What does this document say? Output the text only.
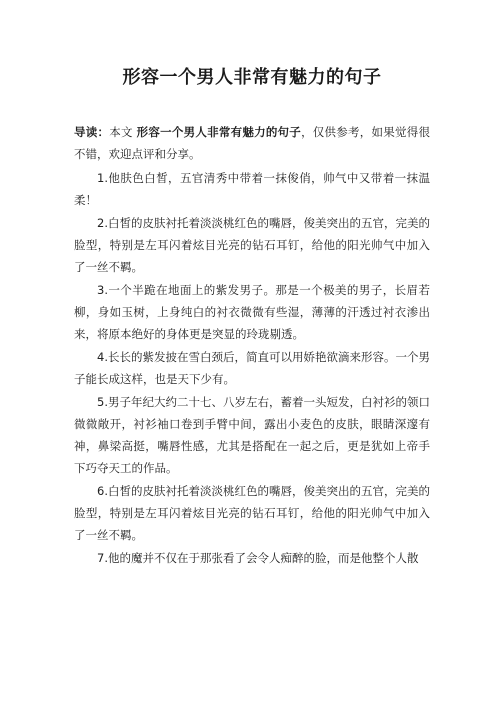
形容一个男人非常有魅力的句子

导读：本文 形容一个男人非常有魅力的句子，仅供参考，如果觉得很不错，欢迎点评和分享。

1.他肤色白皙，五官清秀中带着一抹俊俏，帅气中又带着一抹温柔！

2.白皙的皮肤衬托着淡淡桃红色的嘴唇，俊美突出的五官，完美的脸型，特别是左耳闪着炫目光亮的钻石耳钉，给他的阳光帅气中加入了一丝不羁。

3.一个半跪在地面上的紫发男子。那是一个极美的男子，长眉若柳，身如玉树，上身纯白的衬衣微微有些湿，薄薄的汗透过衬衣渗出来，将原本绝好的身体更是突显的玲珑剔透。

4.长长的紫发披在雪白颈后，简直可以用娇艳欲滴来形容。一个男子能长成这样，也是天下少有。

5.男子年纪大约二十七、八岁左右，蓄着一头短发，白衬衫的领口微微敞开，衬衫袖口卷到手臂中间，露出小麦色的皮肤，眼睛深邃有神，鼻梁高挺，嘴唇性感，尤其是搭配在一起之后，更是犹如上帝手下巧夺天工的作品。

6.白皙的皮肤衬托着淡淡桃红色的嘴唇，俊美突出的五官，完美的脸型，特别是左耳闪着炫目光亮的钻石耳钉，给他的阳光帅气中加入了一丝不羁。

7.他的魔并不仅在于那张看了会令人痴醉的脸，而是他整个人散
